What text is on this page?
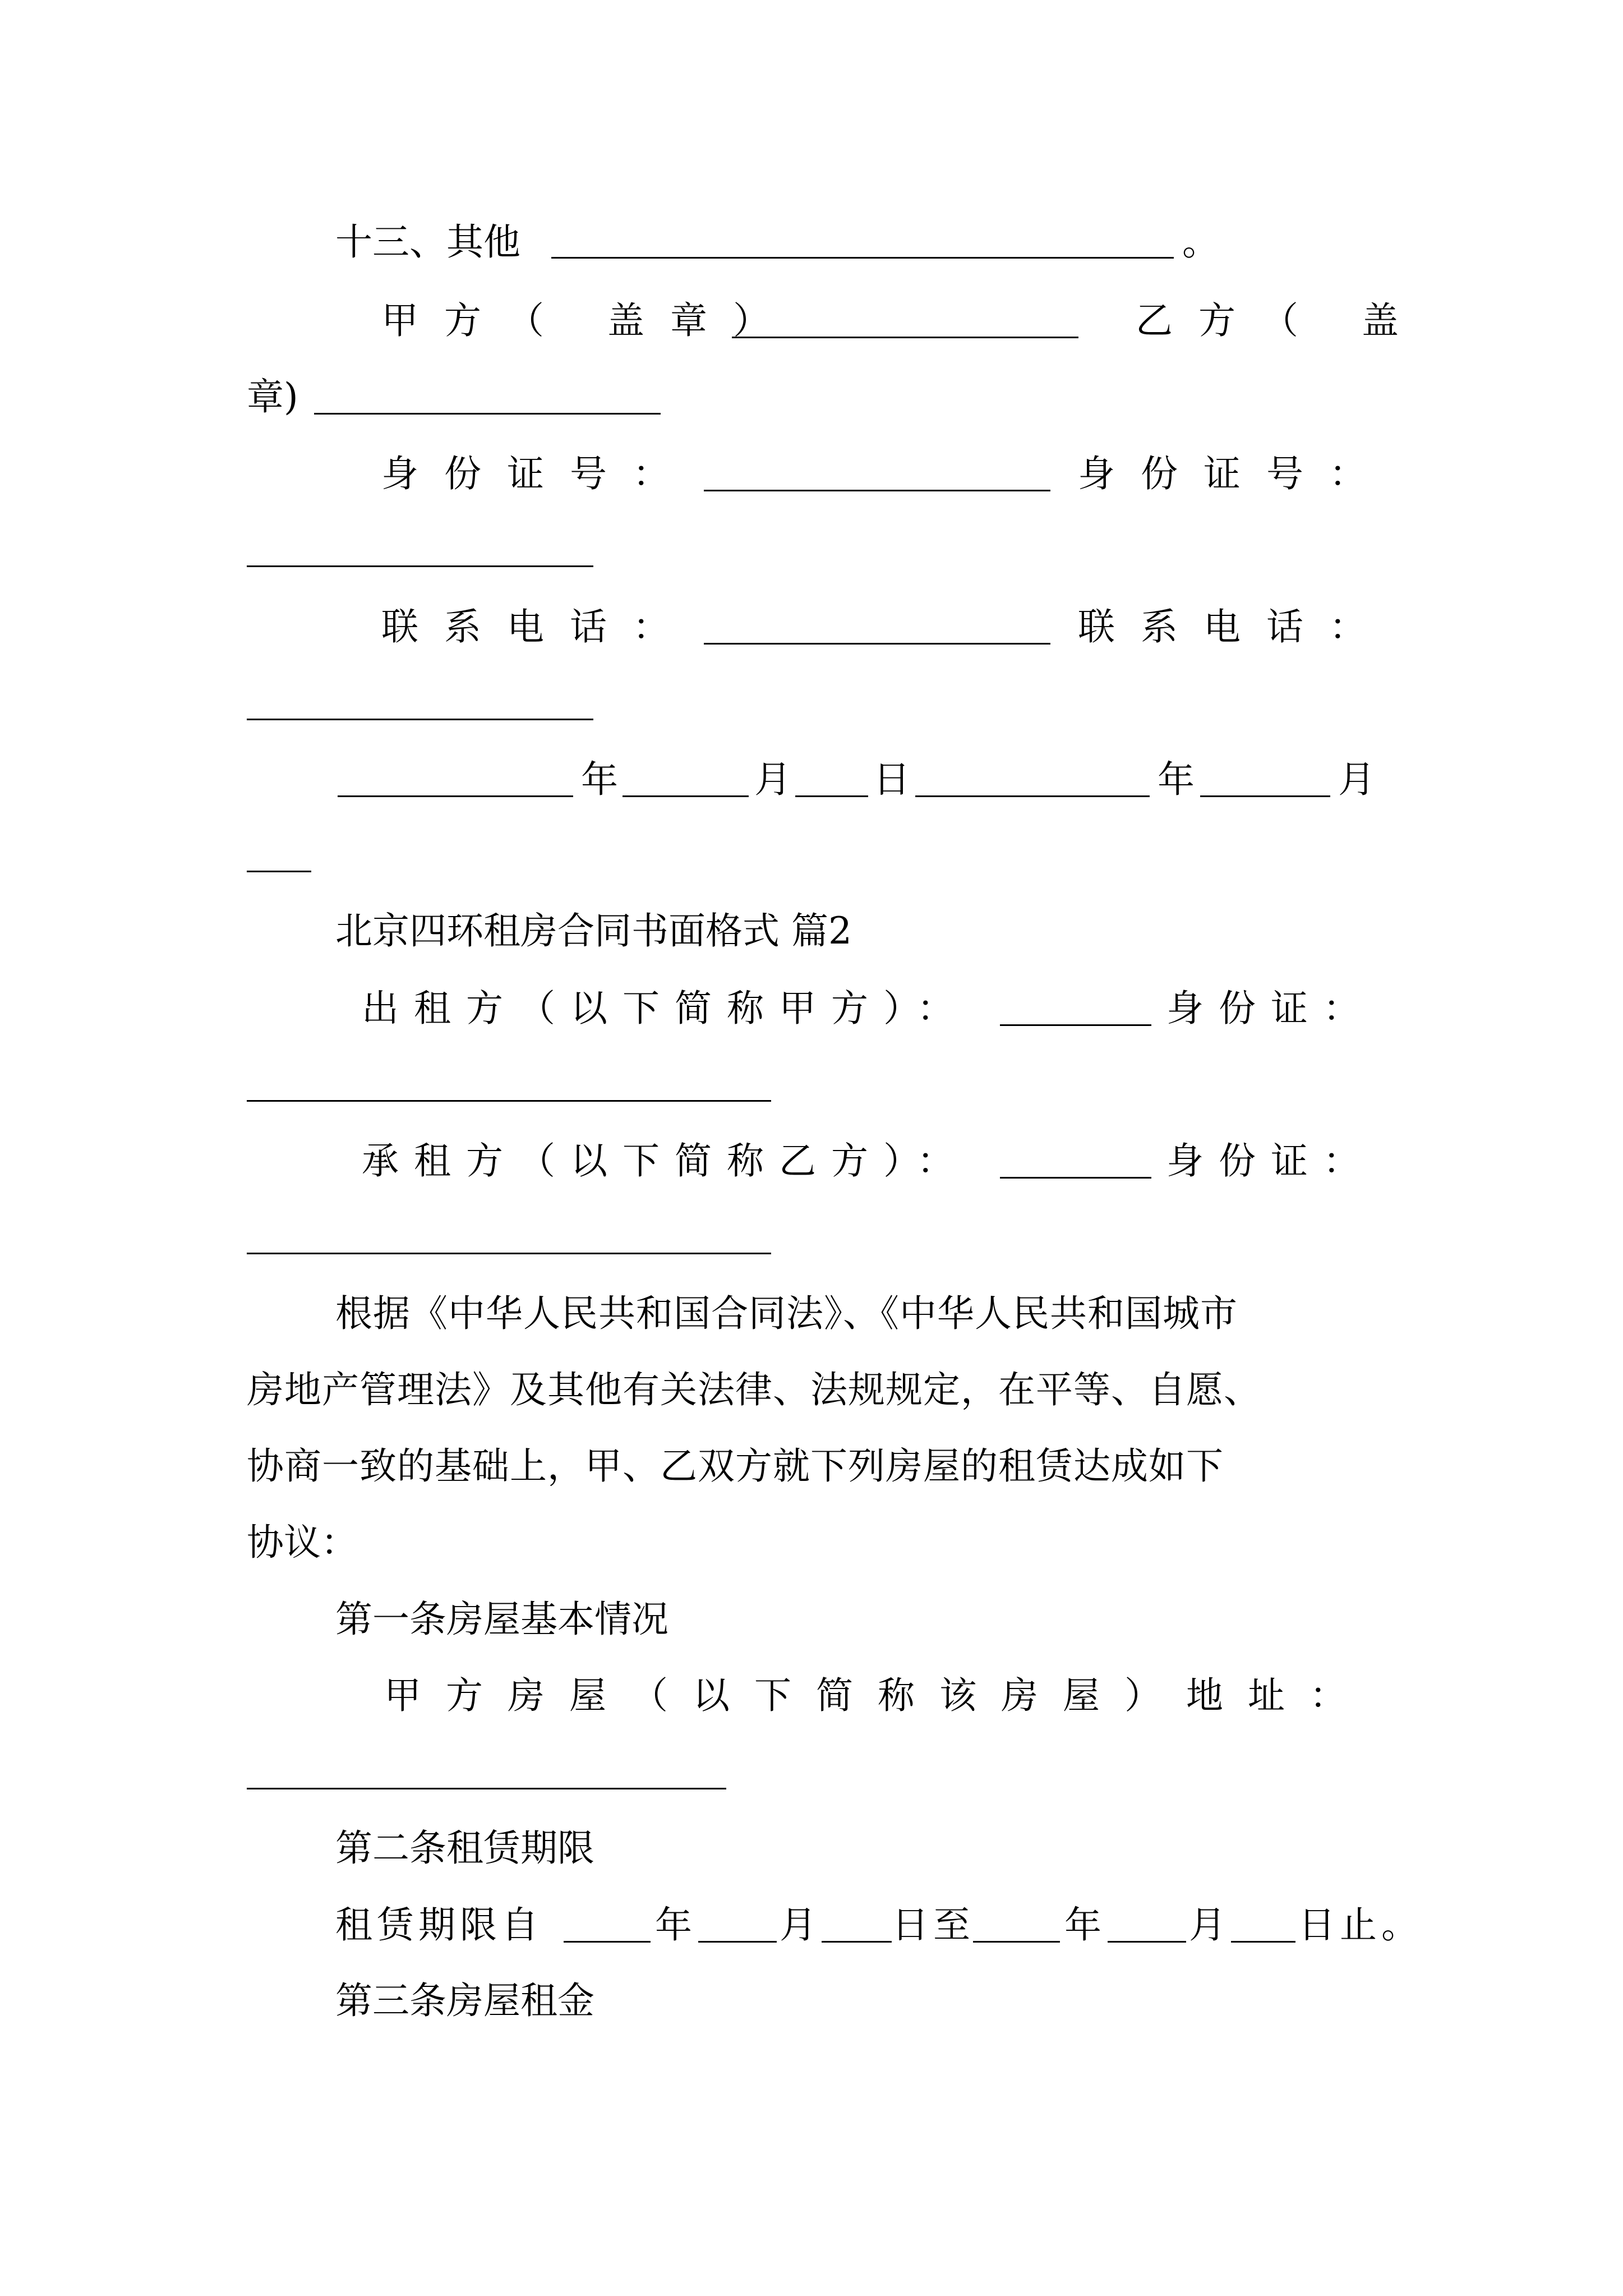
十三、其他	。
甲方（ 盖章）	乙方（ 盖
章)
身份证号：	身份证号：
联系电话：	联系电话：
年	月 日	年	月
北京四环租房合同书面格式 篇2
出租方（以下简称甲方）：	身份证：
承租方（以下简称乙方）：	身份证：
根据《中华人民共和国合同法》、《中华人民共和国城市
房地产管理法》及其他有关法律、法规规定，在平等、自愿、
协商一致的基础上，甲、乙双方就下列房屋的租赁达成如下
协议：
第一条房屋基本情况
甲方房屋（以下简称该房屋）地址：
第二条租赁期限
租赁期限自	年 月 日至 年 月 日止。
第三条房屋租金
